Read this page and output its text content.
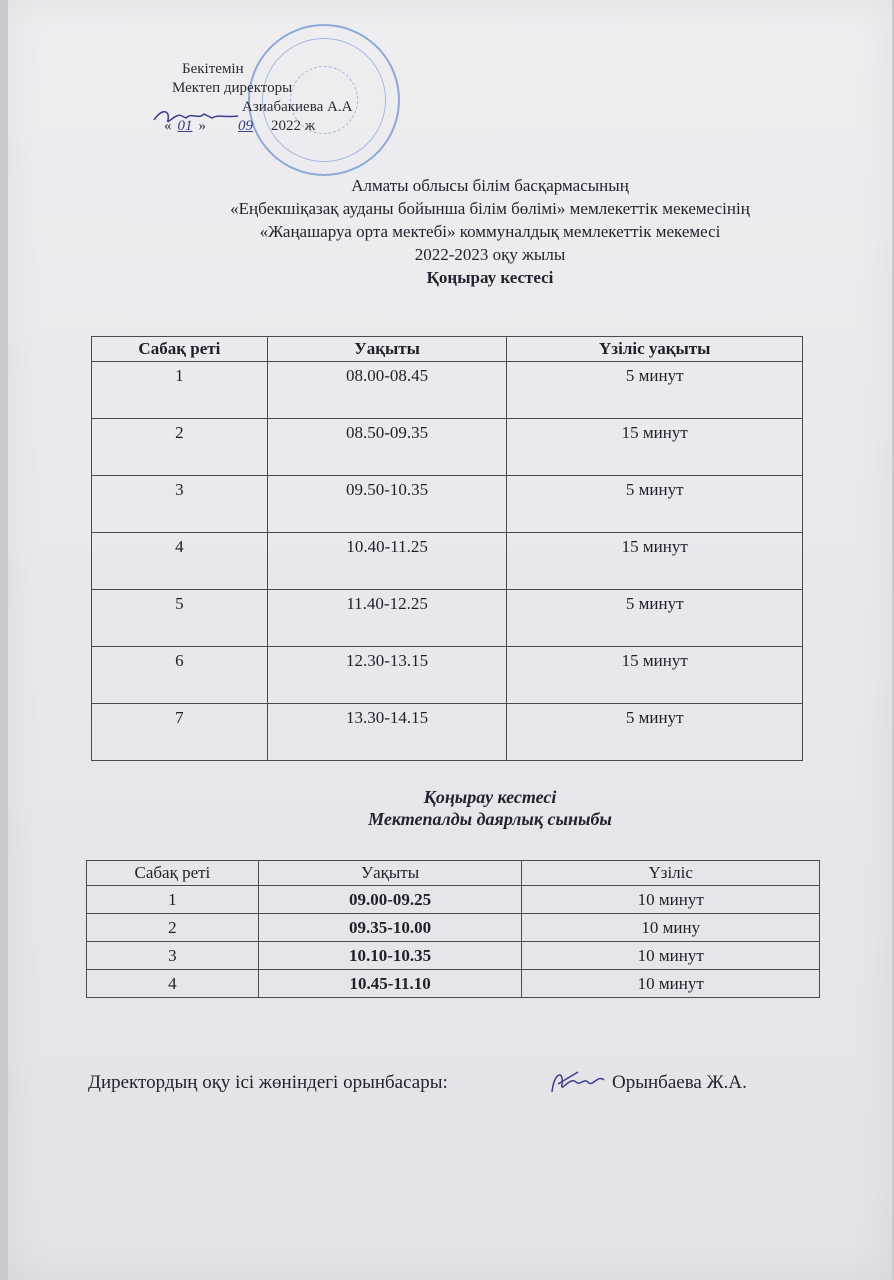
Бекітемін
Мектеп директоры
Азиабакиева А.А
« 01 » 09 2022 ж
Алматы облысы білім басқармасының
«Еңбекшіқазақ ауданы бойынша білім бөлімі» мемлекеттік мекемесінің
«Жаңашаруа орта мектебі» коммуналдық мемлекеттік мекемесі
2022-2023 оқу жылы
Қоңырау кестесі
Сабақ реті	Уақыты	Үзіліс уақыты
1	08.00-08.45	5 минут
2	08.50-09.35	15 минут
3	09.50-10.35	5 минут
4	10.40-11.25	15 минут
5	11.40-12.25	5 минут
6	12.30-13.15	15 минут
7	13.30-14.15	5 минут
Қоңырау кестесі
Мектепалды даярлық сыныбы
Сабақ реті	Уақыты	Үзіліс
1	09.00-09.25	10 минут
2	09.35-10.00	10 мину
3	10.10-10.35	10 минут
4	10.45-11.10	10 минут
Директордың оқу ісі жөніндегі орынбасары:	Орынбаева Ж.А.
